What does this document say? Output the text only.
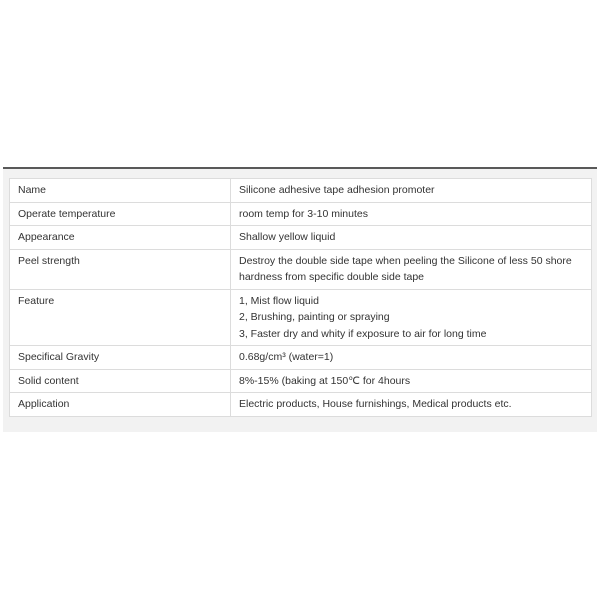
Name	Silicone adhesive tape adhesion promoter

Operate temperature	room temp for 3-10 minutes

Appearance	Shallow yellow liquid

Peel strength	Destroy the double side tape when peeling the Silicone of less 50 shore
hardness from specific double side tape

Feature	1, Mist flow liquid
2, Brushing, painting or spraying
3, Faster dry and whity if exposure to air for long time

Specifical Gravity	0.68g/cm³ (water=1)

Solid content	8%-15% (baking at 150℃ for 4hours

Application	Electric products, House furnishings, Medical products etc.
